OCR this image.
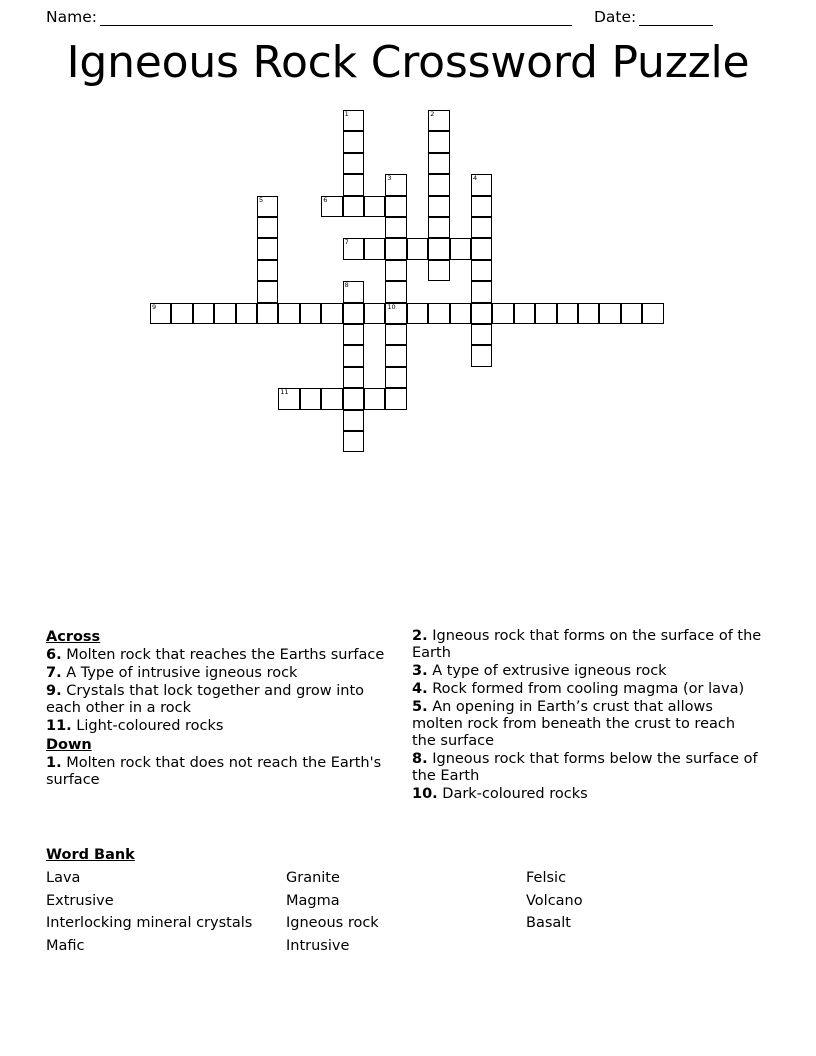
Name:	Date:
Igneous Rock Crossword Puzzle
1	2
3	4
5	6
7
8
9	10
11
Across
6. Molten rock that reaches the Earths surface
7. A Type of intrusive igneous rock
9. Crystals that lock together and grow into each other in a rock
11. Light-coloured rocks
Down
1. Molten rock that does not reach the Earth's surface
2. Igneous rock that forms on the surface of the Earth
3. A type of extrusive igneous rock
4. Rock formed from cooling magma (or lava)
5. An opening in Earth’s crust that allows molten rock from beneath the crust to reach the surface
8. Igneous rock that forms below the surface of the Earth
10. Dark-coloured rocks
Word Bank
Lava	Granite	Felsic
Extrusive	Magma	Volcano
Interlocking mineral crystals	Igneous rock	Basalt
Mafic	Intrusive
